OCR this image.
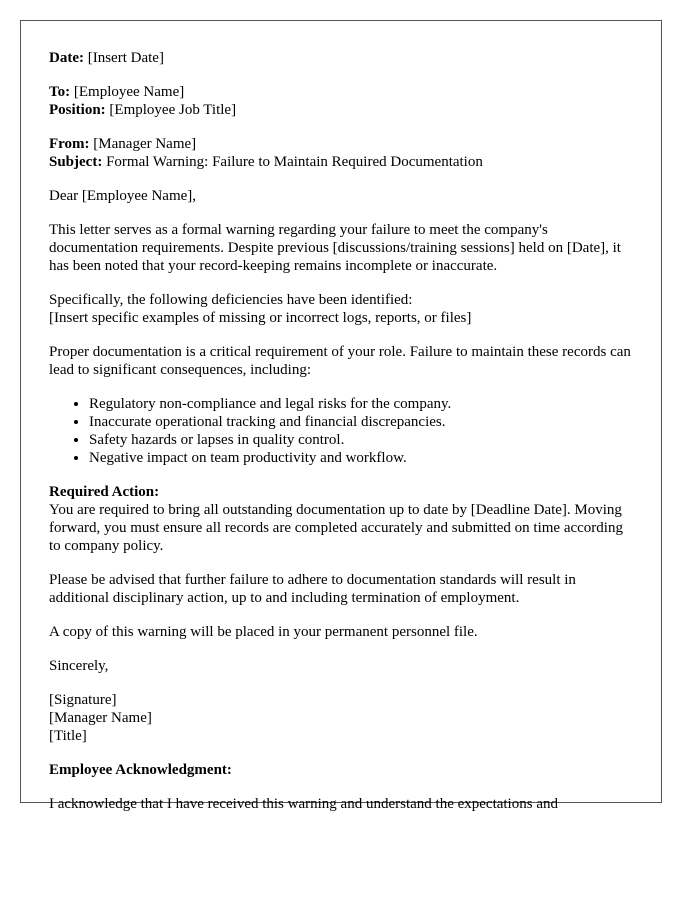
Date: [Insert Date]
To: [Employee Name]
Position: [Employee Job Title]
From: [Manager Name]
Subject: Formal Warning: Failure to Maintain Required Documentation
Dear [Employee Name],
This letter serves as a formal warning regarding your failure to meet the company's documentation requirements. Despite previous [discussions/training sessions] held on [Date], it has been noted that your record-keeping remains incomplete or inaccurate.
Specifically, the following deficiencies have been identified:
[Insert specific examples of missing or incorrect logs, reports, or files]
Proper documentation is a critical requirement of your role. Failure to maintain these records can lead to significant consequences, including:
• Regulatory non-compliance and legal risks for the company.
• Inaccurate operational tracking and financial discrepancies.
• Safety hazards or lapses in quality control.
• Negative impact on team productivity and workflow.
Required Action:
You are required to bring all outstanding documentation up to date by [Deadline Date]. Moving forward, you must ensure all records are completed accurately and submitted on time according to company policy.
Please be advised that further failure to adhere to documentation standards will result in additional disciplinary action, up to and including termination of employment.
A copy of this warning will be placed in your permanent personnel file.
Sincerely,
[Signature]
[Manager Name]
[Title]
Employee Acknowledgment:
I acknowledge that I have received this warning and understand the expectations and
